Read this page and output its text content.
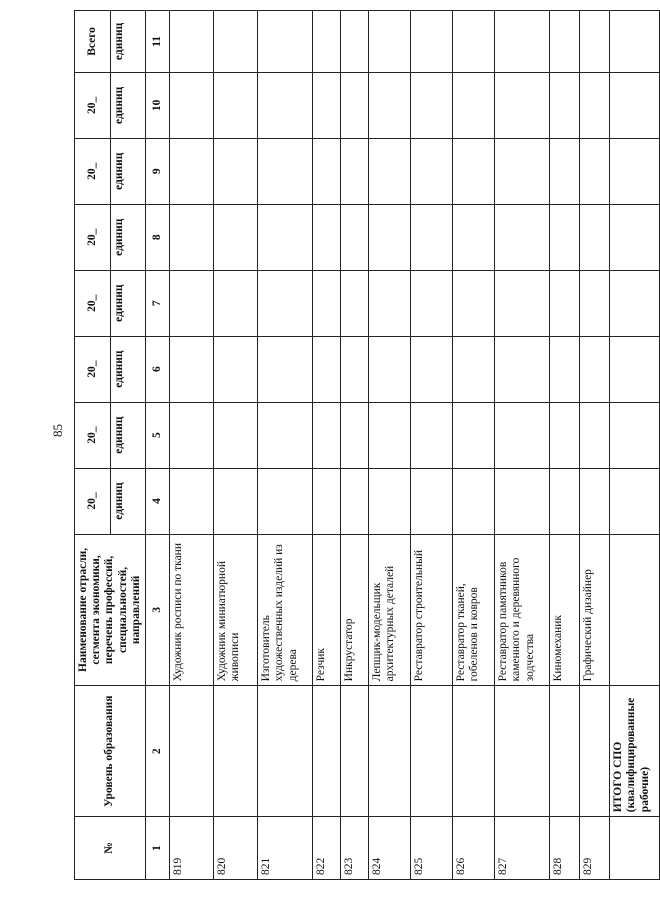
85
№	Уровень образования	Наименование отрасли, сегмента экономики, перечень профессий, специальностей, направлений	20_	20_	20_	20_	20_	20_	20_	Всего
			единиц	единиц	единиц	единиц	единиц	единиц	единиц	единиц
1	2	3	4	5	6	7	8	9	10	11
819		Художник росписи по ткани								
820		Художник миниатюрной живописи								
821		Изготовитель художественных изделий из дерева								
822		Резчик								
823		Инкрустатор								
824		Лепщик-модельщик архитектурных деталей								
825		Реставратор строительный								
826		Реставратор тканей, гобеленов и ковров								
827		Реставратор памятников каменного и деревянного зодчества								
828		Киномеханик								
829		Графический дизайнер								
	ИТОГО СПО (квалифицированные рабочие)									
